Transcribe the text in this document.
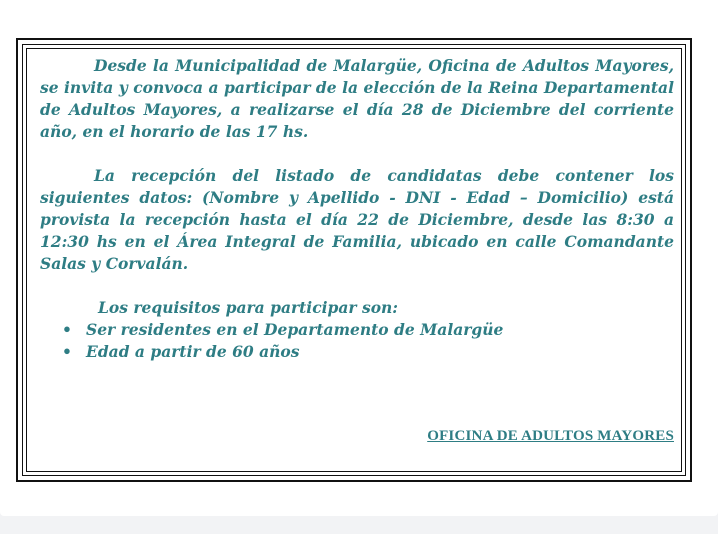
Desde la Municipalidad de Malargüe, Oficina de Adultos Mayores, se invita y convoca a participar de la elección de la Reina Departamental de Adultos Mayores, a realizarse el día 28 de Diciembre del corriente año, en el horario de las 17 hs.

La recepción del listado de candidatas debe contener los siguientes datos: (Nombre y Apellido - DNI - Edad – Domicilio) está provista la recepción hasta el día 22 de Diciembre, desde las 8:30 a 12:30 hs en el Área Integral de Familia, ubicado en calle Comandante Salas y Corvalán.

Los requisitos para participar son:

• Ser residentes en el Departamento de Malargüe
• Edad a partir de 60 años
OFICINA DE ADULTOS MAYORES
